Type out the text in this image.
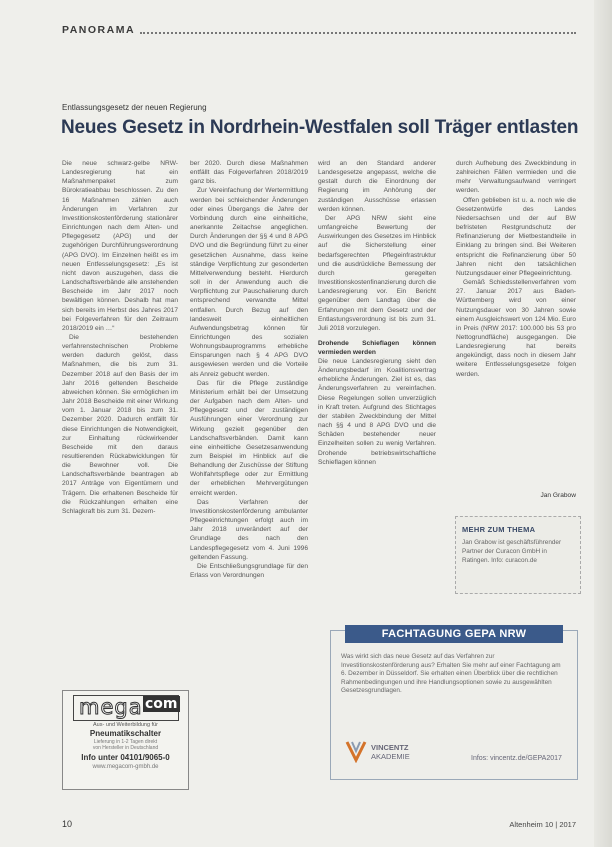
PANORAMA
Entlassungsgesetz der neuen Regierung
Neues Gesetz in Nordrhein-Westfalen soll Träger entlasten

Die neue schwarz-gelbe NRW-Landesregierung hat ein Maßnahmenpaket zum Bürokratieabbau beschlossen. Zu den 16 Maßnahmen zählen auch Änderungen im Verfahren zur Investitionskostenförderung stationärer Einrichtungen nach dem Alten- und Pflegegesetz (APG) und der zugehörigen Durchführungsverordnung (APG DVO). Im Einzelnen heißt es im neuen Entfesselungsgesetz: „Es ist nicht davon auszugehen, dass die Landschaftsverbände alle anstehenden Bescheide im Jahr 2017 noch bewältigen können. Deshalb hat man sich bereits im Herbst des Jahres 2017 bei Folgeverfahren für den Zeitraum 2018/2019 ein …“

Die bestehenden verfahrenstechnischen Probleme werden dadurch gelöst, dass Maßnahmen, die bis zum 31. Dezember 2018 auf den Basis der im Jahr 2016 geltenden Bescheide abweichen können. Sie ermöglichen im Jahr 2018 Bescheide mit einer Wirkung vom 1. Januar 2018 bis zum 31. Dezember 2020. Dadurch entfällt für diese Einrichtungen die Notwendigkeit, zur Einhaltung rückwirkender Bescheide mit den daraus resultierenden Rückabwicklungen für die Bewohner voll. Die Landschaftsverbände beantragen ab 2017 Anträge von Eigentümern und Trägern. Die erhaltenen Bescheide für die Rückzahlungen erhalten eine Schlagkraft bis zum 31. Dezem-

ber 2020. Durch diese Maßnahmen entfällt das Folgeverfahren 2018/2019 ganz bis.

Zur Vereinfachung der Wertermittlung werden bei schleichender Änderungen oder eines Übergangs die Jahre der Vorbindung durch eine einheitliche, anerkannte Zeitachse angeglichen. Durch Änderungen der §§ 4 und 8 APG DVO und die Begründung führt zu einer gesetzlichen Ausnahme, dass keine ständige Verpflichtung zur gesonderten Mittelverwendung besteht. Hierdurch soll in der Anwendung auch die Verpflichtung zur Pauschalierung durch entsprechend verwandte Mittel entfallen. Durch Bezug auf den landesweit einheitlichen Aufwendungsbetrag können für Einrichtungen des sozialen Wohnungsbauprogramms erhebliche Einsparungen nach § 4 APG DVO ausgewiesen werden und die Vorteile als Anreiz gebucht werden.

Das für die Pflege zuständige Ministerium erhält bei der Umsetzung der Aufgaben nach dem Alten- und Pflegegesetz und der zuständigen Ausführungen einer Verordnung zur Wirkung gezielt gegenüber den Landschaftsverbänden. Damit kann eine einheitliche Gesetzesanwendung zum Beispiel im Hinblick auf die Behandlung der Zuschüsse der Stiftung Wohlfahrtspflege oder zur Ermittlung der erheblichen Mehrvergütungen erreicht werden.

Das Verfahren der Investitionskostenförderung ambulanter Pflegeeinrichtungen erfolgt auch im Jahr 2018 unverändert auf der Grundlage des nach den Landespflegegesetz vom 4. Juni 1996 geltenden Fassung.

Die Entschließungsgrundlage für den Erlass von Verordnungen

wird an den Standard anderer Landesgesetze angepasst, welche die gestalt durch die Einordnung der Regierung im Anhörung der zuständigen Ausschüsse erlassen werden können.

Der APG NRW sieht eine umfangreiche Bewertung der Auswirkungen des Gesetzes im Hinblick auf die Sicherstellung einer bedarfsgerechten Pflegeinfrastruktur und die ausdrückliche Bemessung der durch geregelten Investitionskostenfinanzierung durch die Landesregierung vor. Ein Bericht gegenüber dem Landtag über die Erfahrungen mit dem Gesetz und der Entlastungsverordnung ist bis zum 31. Juli 2018 vorzulegen.

Drohende Schieflagen können vermieden werden

Die neue Landesregierung sieht den Änderungsbedarf im Koalitionsvertrag erhebliche Änderungen. Ziel ist es, das Änderungsverfahren zu vereinfachen. Diese Regelungen sollen unverzüglich in Kraft treten. Aufgrund des Stichtages der stabilen Zweckbindung der Mittel nach §§ 4 und 8 APG DVO und die Schäden bestehender neuer Einzelheiten sollen zu wenig Verfahren. Drohende betriebswirtschaftliche Schieflagen können

durch Aufhebung des Zweckbindung in zahlreichen Fällen vermieden und die mehr Verwaltungsaufwand verringert werden.

Offen geblieben ist u. a. noch wie die Gesetzentwürfe des Landes Niedersachsen und der auf BW befristeten Restgrundschutz der Refinanzierung der Mietbestandteile in Einklang zu bringen sind. Bei Weiteren entspricht die Refinanzierung über 50 Jahren nicht den tatsächlichen Nutzungsdauer einer Pflegeeinrichtung.

Gemäß Schiedsstellenverfahren vom 27. Januar 2017 aus Baden-Württemberg wird von einer Nutzungsdauer von 30 Jahren sowie einem Ausgleichswert von 124 Mio. Euro in Preis (NRW 2017: 100.000 bis 53 pro Nettogrundfläche) ausgegangen. Die Landesregierung hat bereits angekündigt, dass noch in diesem Jahr weitere Entfesselungsgesetze folgen werden.

Jan Grabow
MEHR ZUM THEMA
Jan Grabow ist geschäftsführender Partner der Curacon GmbH in Ratingen. Info: curacon.de
FACHTAGUNG GEPA NRW
Was wirkt sich das neue Gesetz auf das Verfahren zur Investitionskostenförderung aus? Erhalten Sie mehr auf einer Fachtagung am 6. Dezember in Düsseldorf. Sie erhalten einen Überblick über die rechtlichen Rahmenbedingungen und ihre Handlungsoptionen sowie zu ausgewählten Gesetzesgrundlagen.
VINCENTZ
AKADEMIE	Infos: vincentz.de/GEPA2017
mega com
Aus- und Weiterbildung für
Pneumatikschalter
Lieferung in 1-2 Tagen direkt
von Hersteller in Deutschland
Info unter 04101/9065-0
www.megacom-gmbh.de
10	Altenheim 10 | 2017
